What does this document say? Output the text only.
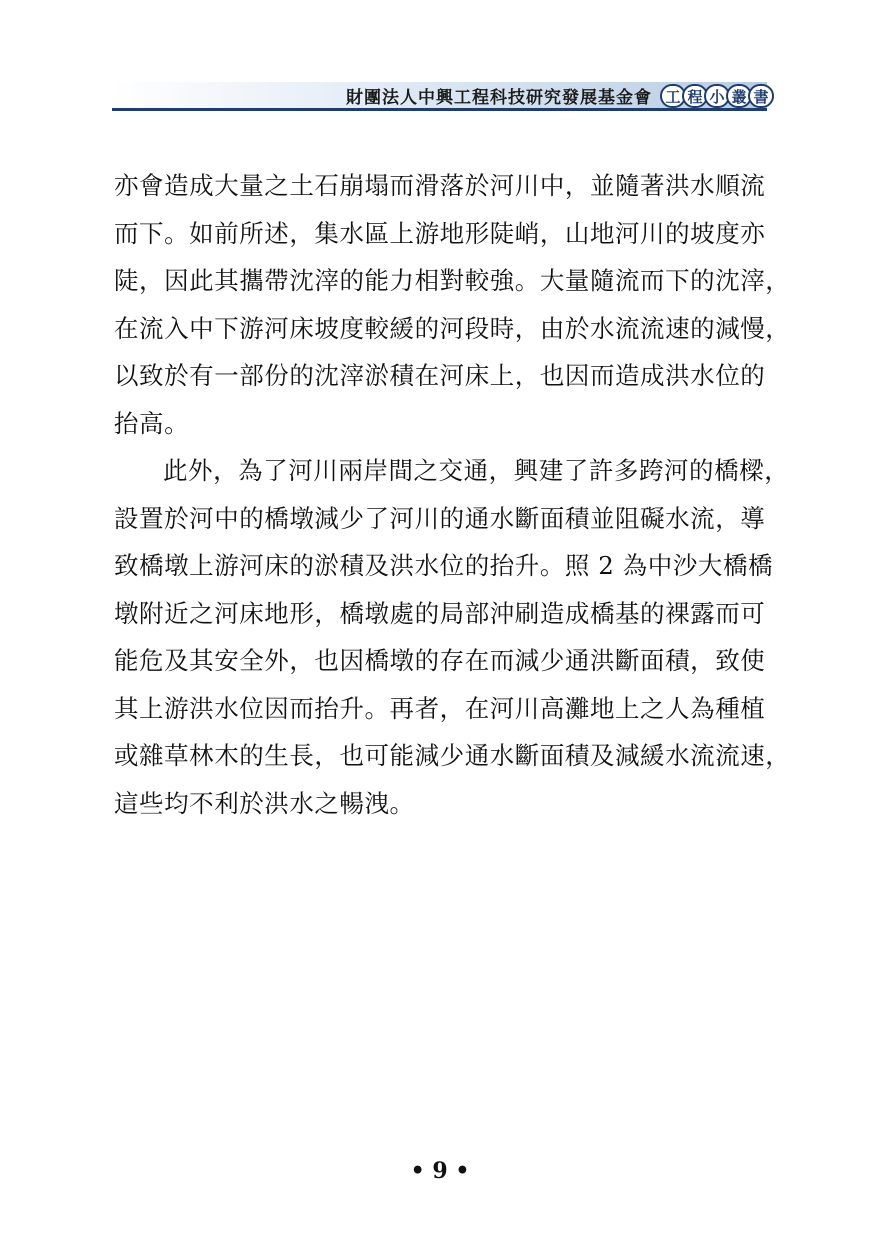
財團法人中興工程科技研究發展基金會 工 程 小 叢 書

亦會造成大量之土石崩塌而滑落於河川中，並隨著洪水順流
而下。如前所述，集水區上游地形陡峭，山地河川的坡度亦
陡，因此其攜帶沈滓的能力相對較強。大量隨流而下的沈滓，
在流入中下游河床坡度較緩的河段時，由於水流流速的減慢，
以致於有一部份的沈滓淤積在河床上，也因而造成洪水位的
抬高。

此外，為了河川兩岸間之交通，興建了許多跨河的橋樑，
設置於河中的橋墩減少了河川的通水斷面積並阻礙水流，導
致橋墩上游河床的淤積及洪水位的抬升。照 2 為中沙大橋橋
墩附近之河床地形，橋墩處的局部沖刷造成橋基的裸露而可
能危及其安全外，也因橋墩的存在而減少通洪斷面積，致使
其上游洪水位因而抬升。再者，在河川高灘地上之人為種植
或雜草林木的生長，也可能減少通水斷面積及減緩水流流速，
這些均不利於洪水之暢洩。

• 9 •
